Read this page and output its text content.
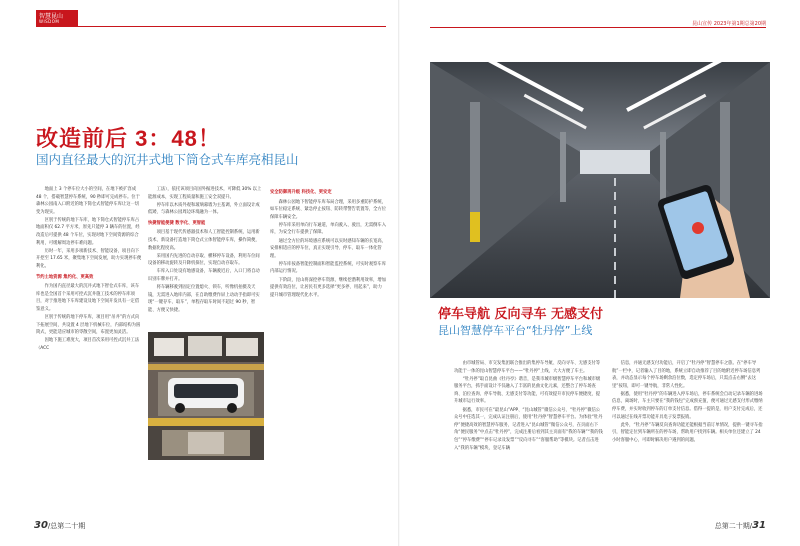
智慧昆山
WISDOM
改造前后 3：48！
国内直径最大的沉井式地下筒仓式车库亮相昆山

地面上 3 个停车位大小的空间，在地下被扩容成 48 个，搭载智慧停车系统，90 秒即可完成停车。位于森林公园南入口附近的地下筒仓式智能停车库让这一切变为现实。

区别于传统的地下车库，地下筒仓式智能停车库占地面积仅 62.7 平方米，原先只能停 3 辆车的位置，经改造后可提供 48 个车位，实现对地下空间资源的综合利用，可缓解周边停车难问题。

历时一年，采用多项新技术、智能设备，项目向下开挖至 17.65 米，聚集地下空间发展，助力实现停车便利化。

节约土地资源 集约化、更高效

作为国内直径最大的沉井式地下智仓式车库，该车库也是全国首个采用可控式沉井施工技术的停车库项目，对于推进地下车库建设及地下空间开发具有一定借鉴意义。

区别于传统的地下停车库，项目用“吊井”的方式向下拓展空间，共设置 4 层地下机械车位，内部结构为圆筒式，更能适应城市的零散空间，布置更加灵活。

因地下施工难度大，项目首次采用可控式沉井工法（ACC

工法），依托该项目向国外掘进技术，可降低 30% 以上能源成本，实现工程质量和施工安全双提升。

停车库以木质外观和玻璃幕墙为主基调，外立面设计成低矮、与森林公园周边环境融为一体。

快捷智能便捷 数字化、更智能

项目基于现代传感器技术和人工智能控制系统，运用新技术、新设备打造地下筒仓式立体智能停车库，操作简便，数据化程度高。

采用国内先进的自动存取、横移停车设备，利用车位间设备的移动旋转及升降机探位，实现自动存取车。

车库入口处设有地感设备，车辆驶近后，入口门将自动识别车牌并打开。

将车辆移驶到固定位置熄火、锁车，听像机拍摄及天镜，无需进入地库内部，在自助缴费作屏上动动手指即可实现“一键存车、取车”，单程存取车时间不超过 90 秒，智能、方便又快捷。

安全防御再升级 科技化、更安定

森林公园地下智能停车库布局合理，采用多重防护系统，如车位稳定系统、紧急停止按钮、防转带警告装置等，全方位保障车辆安全。

停车库采用单向行车通道，单向驶入、驶出，无需倒车入库，为安全行车提供了保障。

通过全方位的环境感应系统可以实时感知车辆的长宽高，安排相适应的停车位，真正实现引导、停车、取车一体化管理。

停车库按备智能控制面和智能监控系统，可实时观察车库内部运行情况。

下阶段，昆山将深挖停车资源，继续挖潜利用效率，增加提供有效泊位，让居民有更多选择“更多停、用起来”，助力提升城市管理现代化水平。

30/总第二十期
昆山宣传 2023年第1期总第20期
停车导航 反向寻车 无感支付
昆山智慧停车平台“牡丹停”上线

由市城管局、市交发集团联合推出的集停车导航、反向寻车、无感支付等功能于一体的昆山智慧停车平台——“牡丹停”上线，大大方便了车主。

“牡丹停”取自昆曲《牡丹亭》谐音，是我市城市级智慧停车平台和城市级服务平台，抓手面设计不仅融入了丰富的昆曲文化元素，还整合了停车场查询、泊位查询、停车导航、无感支付等功能，可有效提升市民停车便捷度，提升城市运行效率。

据悉，市民可在“最昆山”APP、“昆山城管”微信公众号、“牡丹停”微信公众号中任选其一，完成认证注册后，使用“牡丹停”智慧停车平台。为体验“牡丹停”便捷高效的智慧停车服务，记者进入“昆山城管”微信公众号，在页面右下角“便民服务”中点击“牡丹停”，完成注册后看到其主页面有“我的车辆”“我的钱包”“停车缴费”“停车记录及发票”“反向寻车”“客服帮助”等模块。记者点击进入“我的车辆”模块，登记车辆

信息，并通无感支付功能后，开启了“牡丹停”智慧停车之旅。在“停车导航”一栏中，记者输入了目的地，系统立即自动推荐了目的地附近停车场信息列表，并动态显示每个停车场剩余泊位数，选定停车场后，只需点击右侧“去这里”按钮，即可一键导航，非常人性化。

据悉，使用“牡丹停”的车辆进入停车场后，停车系统会自动记录车辆的进场信息，离场时，车主只要在“我的钱包”完成预充值，便可通过无感支付形式缴纳停车费，并实时收到停车的订单支付信息。借得一提的是，用户支付完成后，还可以通过在线开票功能开具电子发票报销。

此外，“牡丹停”车辆反向查询功能还能根据当前订单情况，提供一键寻车指引，智能定位到车辆所在的停车场，帮助用户找到车辆。相关单位还建立了 24 小时客服中心，可即时解决用户遇到的问题。

总第二十期/31
